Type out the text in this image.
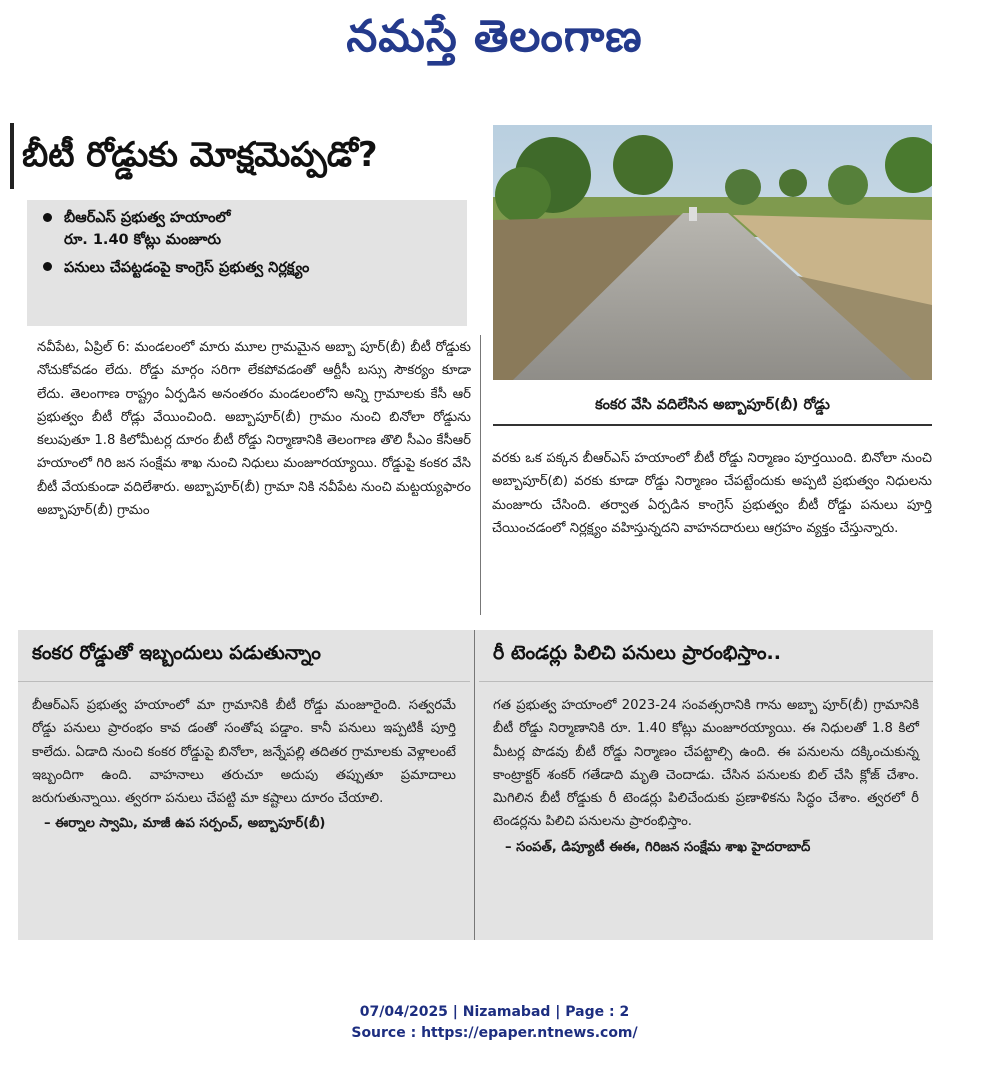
నమస్తే తెలంగాణ
బీటీ రోడ్డుకు మోక్షమెప్పడో?
బీఆర్ఎస్ ప్రభుత్వ హయాంలో
రూ. 1.40 కోట్లు మంజూరు
పనులు చేపట్టడంపై కాంగ్రెస్ ప్రభుత్వ నిర్లక్ష్యం
కంకర వేసి వదిలేసిన అబ్బాపూర్(బీ) రోడ్డు
నవీపేట, ఏప్రిల్ 6: మండలంలో మారు మూల గ్రామమైన అబ్బా పూర్(బీ) బీటీ రోడ్డుకు నోచుకోవడం లేదు. రోడ్డు మార్గం సరిగా లేకపోవడంతో ఆర్టీసీ బస్సు సౌకర్యం కూడా లేదు. తెలంగాణ రాష్ట్రం ఏర్పడిన అనంతరం మండలంలోని అన్ని గ్రామాలకు కేసీ ఆర్ ప్రభుత్వం బీటీ రోడ్లు వేయించింది. అబ్బాపూర్(బీ) గ్రామం నుంచి బినోలా రోడ్డును కలుపుతూ 1.8 కిలోమీటర్ల దూరం బీటీ రోడ్డు నిర్మాణానికి తెలంగాణ తొలి సీఎం కేసీఆర్ హయాంలో గిరి జన సంక్షేమ శాఖ నుంచి నిధులు మంజూరయ్యాయి. రోడ్డుపై కంకర వేసి బీటీ వేయకుండా వదిలేశారు. అబ్బాపూర్(బీ) గ్రామా నికి నవీపేట నుంచి మట్టయ్యఫారం అబ్బాపూర్(బీ) గ్రామం
వరకు ఒక పక్కన బీఆర్ఎస్ హయాంలో బీటీ రోడ్డు నిర్మాణం పూర్తయింది. బినోలా నుంచి అబ్బాపూర్(బి) వరకు కూడా రోడ్డు నిర్మాణం చేపట్టేందుకు అప్పటి ప్రభుత్వం నిధులను మంజూరు చేసింది. తర్వాత ఏర్పడిన కాంగ్రెస్ ప్రభుత్వం బీటీ రోడ్డు పనులు పూర్తి చేయించడంలో నిర్లక్ష్యం వహిస్తున్నదని వాహనదారులు ఆగ్రహం వ్యక్తం చేస్తున్నారు.
కంకర రోడ్డుతో ఇబ్బందులు పడుతున్నాం
బీఆర్ఎస్ ప్రభుత్వ హయాంలో మా గ్రామానికి బీటీ రోడ్డు మంజూరైంది. సత్వరమే రోడ్డు పనులు ప్రారంభం కావ డంతో సంతోష పడ్డాం. కానీ పనులు ఇప్పటికీ పూర్తి కాలేదు. ఏడాది నుంచి కంకర రోడ్డుపై బినోలా, జన్నేపల్లి తదితర గ్రామాలకు వెళ్లాలంటే ఇబ్బందిగా ఉంది. వాహనాలు తరుచూ అదుపు తప్పుతూ ప్రమాదాలు జరుగుతున్నాయి. త్వరగా పనులు చేపట్టి మా కష్టాలు దూరం చేయాలి.
– ఈర్నాల స్వామి, మాజీ ఉప సర్పంచ్, అబ్బాపూర్(బీ)
రీ టెండర్లు పిలిచి పనులు ప్రారంభిస్తాం..
గత ప్రభుత్వ హయాంలో 2023-24 సంవత్సరానికి గాను అబ్బా పూర్(బీ) గ్రామానికి బీటీ రోడ్డు నిర్మాణానికి రూ. 1.40 కోట్లు మంజూరయ్యాయి. ఈ నిధులతో 1.8 కిలో మీటర్ల పొడవు బీటీ రోడ్డు నిర్మాణం చేపట్టాల్సి ఉంది. ఈ పనులను దక్కించుకున్న కాంట్రాక్టర్ శంకర్ గతేడాది మృతి చెందాడు. చేసిన పనులకు బిల్ చేసి క్లోజ్ చేశాం. మిగిలిన బీటీ రోడ్డుకు రీ టెండర్లు పిలిచేందుకు ప్రణాళికను సిద్ధం చేశాం. త్వరలో రీ టెండర్లను పిలిచి పనులను ప్రారంభిస్తాం.
– సంపత్, డిప్యూటీ ఈఈ, గిరిజన సంక్షేమ శాఖ హైదరాబాద్
07/04/2025 | Nizamabad | Page : 2
Source : https://epaper.ntnews.com/
